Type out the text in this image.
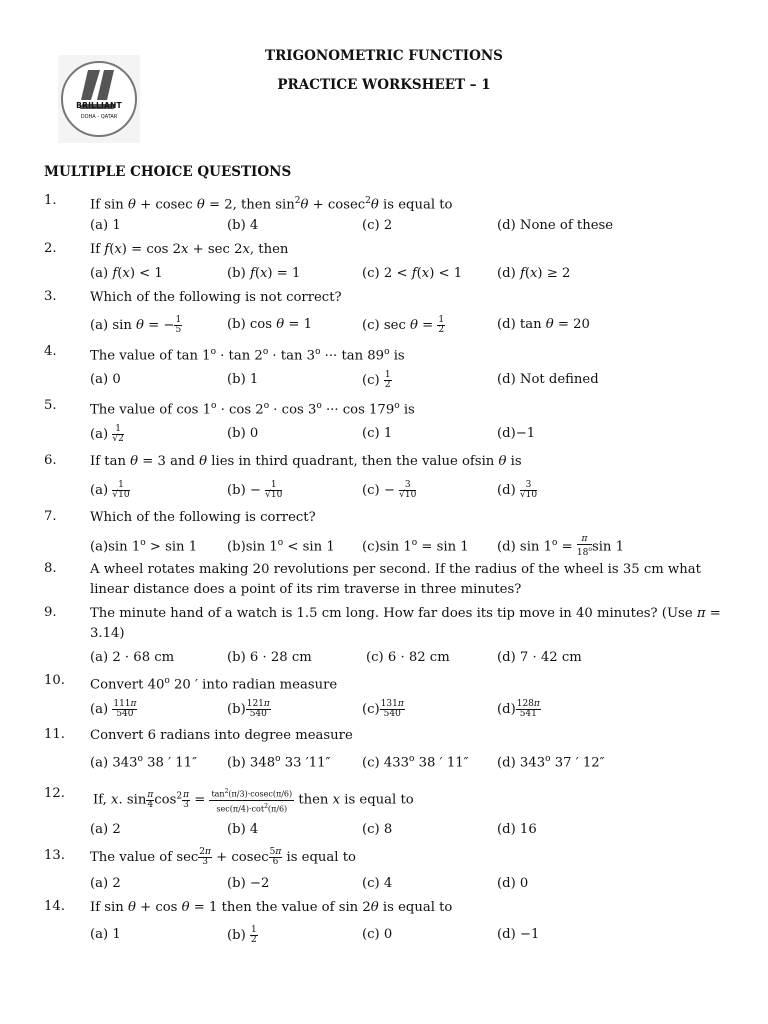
BRILLIANT
DOHA - QATAR
TRIGONOMETRIC FUNCTIONS
PRACTICE WORKSHEET – 1
MULTIPLE CHOICE QUESTIONS
1.	If sin θ + cosec θ = 2, then $\sin^2\theta + cosec^2\theta$ is equal to
(a) 1	(b) 4	(c) 2	(d) None of these
2.	If f(x) = cos 2x + sec 2x, then
(a) f(x) < 1	(b) f(x) = 1	(c) 2 < f(x) < 1	(d) f(x) ≥ 2
3.	Which of the following is not correct?
(a) sin θ = − $\frac{1}{5}$	(b) cos θ = 1	(c) $\sec \theta = \frac{1}{2}$	(d) tan θ = 20
4.	The value of $\tan 1^o \cdot \tan 2^o \cdot \tan 3^o$ ··· tan 89$^o$ is
(a) 0	(b) 1	$(c) \frac{1}{2}$	(d) Not defined
5.	The value of $\cos 1^o \cdot \cos 2^o \cdot \cos 3^o$ ··· cos 179$^o$ is
$(a) \frac{1}{√2}$	(b) 0	(c) 1	(d)−1
6.	If tan θ = 3 and θ lies in third quadrant, then the value ofsin θ is
$(a) \frac{1}{√10}$	$(b) - \frac{1}{√10}$	$(c) - \frac{3}{√10}$	$(d) \frac{3}{√10}$
7.	Which of the following is correct?
(a)sin $1^o > \sin 1$ (b)sin $1^o < \sin 1$ (c)sin $1^o = \sin 1$ (d) $\sin 1^o = \frac{\pi}{18^o}$ sin 1
8.	A wheel rotates making 20 revolutions per second. If the radius of the wheel is 35 cm what linear distance does a point of its rim traverse in three minutes?
9.	The minute hand of a watch is 1.5 cm long. How far does its tip move in 40 minutes? (Use π =
3.14)
(a) 2 · 68 cm	(b) 6 · 28 cm	(c) 6 · 82 cm	(d) 7 · 42 cm
10. Convert 40$^o$ 20 ′ into radian measure
$(a) \frac{111\pi}{540}$	$(b) \frac{121\pi}{540}$	$(c) \frac{131\pi}{540}$	$(d) \frac{128\pi}{541}$
11. Convert 6 radians into degree measure
(a) 343$^o$ 38 ′ 11″ (b) 348$^o$ 33 ′11″ (c) 433$^o$ 38 ′ 11″ (d) 343$^o$ 37 ′ 12″
12. If, x. $\sin \frac{\pi}{4} \cos^2 \frac{\pi}{3} = \tan^2(\pi/3)\cdot cosec(\pi/6)$
$\sec(\pi/4)\cdot\cot^2(\pi/6)$
then x is equal to
(a) 2	(b) 4	(c) 8	(d) 16
13. The value of $\sec \frac{2\pi}{3} + cosec \frac{5\pi}{6}$ is equal to
(a) 2	(b) −2	(c) 4	(d) 0
14. If sin θ + cos θ = 1 then the value of sin 2θ is equal to
(a) 1	$(b) \frac{1}{2}$	(c) 0	(d) −1
